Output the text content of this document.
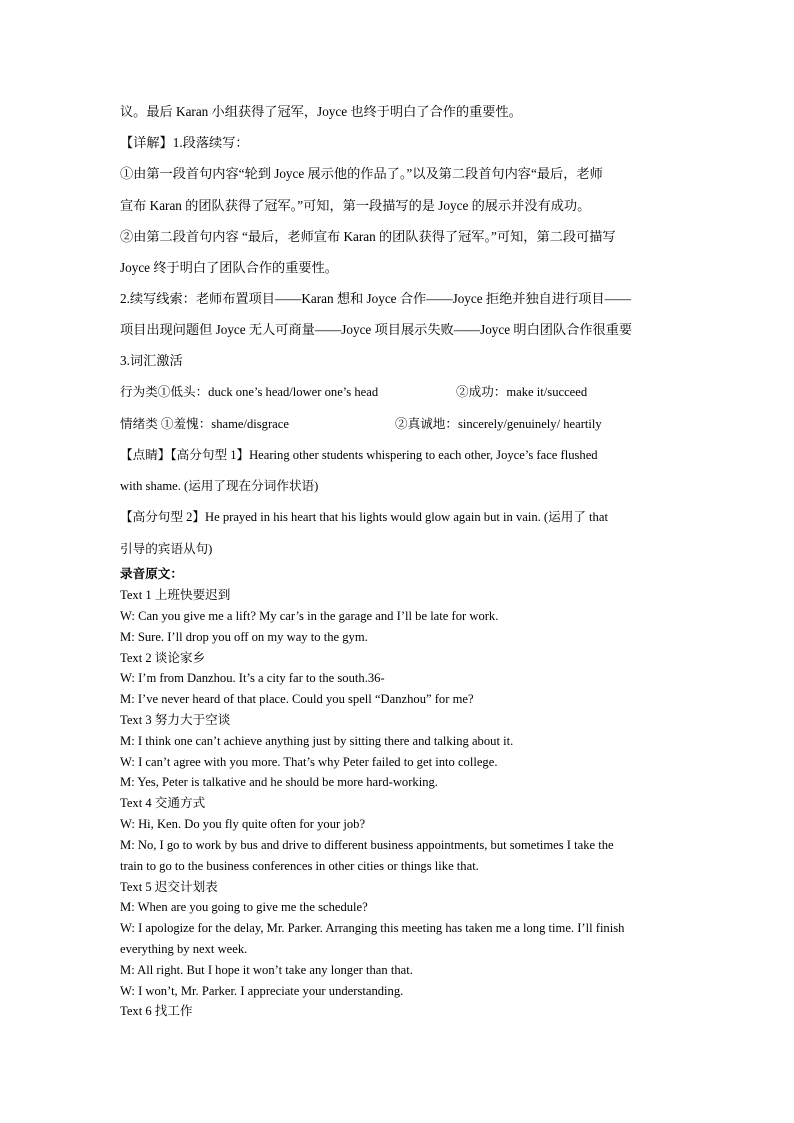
议。最后 Karan 小组获得了冠军，Joyce 也终于明白了合作的重要性。
【详解】1.段落续写：
①由第一段首句内容“轮到 Joyce 展示他的作品了。”以及第二段首句内容“最后，老师
宣布 Karan 的团队获得了冠军。”可知，第一段描写的是 Joyce 的展示并没有成功。
②由第二段首句内容 “最后，老师宣布 Karan 的团队获得了冠军。”可知，第二段可描写
Joyce 终于明白了团队合作的重要性。
2.续写线索：老师布置项目——Karan 想和 Joyce 合作——Joyce 拒绝并独自进行项目——
项目出现问题但 Joyce 无人可商量——Joyce 项目展示失败——Joyce 明白团队合作很重要
3.词汇激活
行为类①低头：duck one’s head/lower one’s head	②成功：make it/succeed
情绪类 ①羞愧：shame/disgrace	②真诚地：sincerely/genuinely/ heartily
【点睛】【高分句型 1】Hearing other students whispering to each other, Joyce’s face flushed
with shame. (运用了现在分词作状语)
【高分句型 2】He prayed in his heart that his lights would glow again but in vain. (运用了 that
引导的宾语从句)
录音原文：
Text 1 上班快要迟到
W: Can you give me a lift? My car’s in the garage and I’ll be late for work.
M: Sure. I’ll drop you off on my way to the gym.
Text 2 谈论家乡
W: I’m from Danzhou. It’s a city far to the south.36-
M: I’ve never heard of that place. Could you spell “Danzhou” for me?
Text 3 努力大于空谈
M: I think one can’t achieve anything just by sitting there and talking about it.
W: I can’t agree with you more. That’s why Peter failed to get into college.
M: Yes, Peter is talkative and he should be more hard-working.
Text 4 交通方式
W: Hi, Ken. Do you fly quite often for your job?
M: No, I go to work by bus and drive to different business appointments, but sometimes I take the
train to go to the business conferences in other cities or things like that.
Text 5 迟交计划表
M: When are you going to give me the schedule?
W: I apologize for the delay, Mr. Parker. Arranging this meeting has taken me a long time. I’ll finish
everything by next week.
M: All right. But I hope it won’t take any longer than that.
W: I won’t, Mr. Parker. I appreciate your understanding.
Text 6 找工作
